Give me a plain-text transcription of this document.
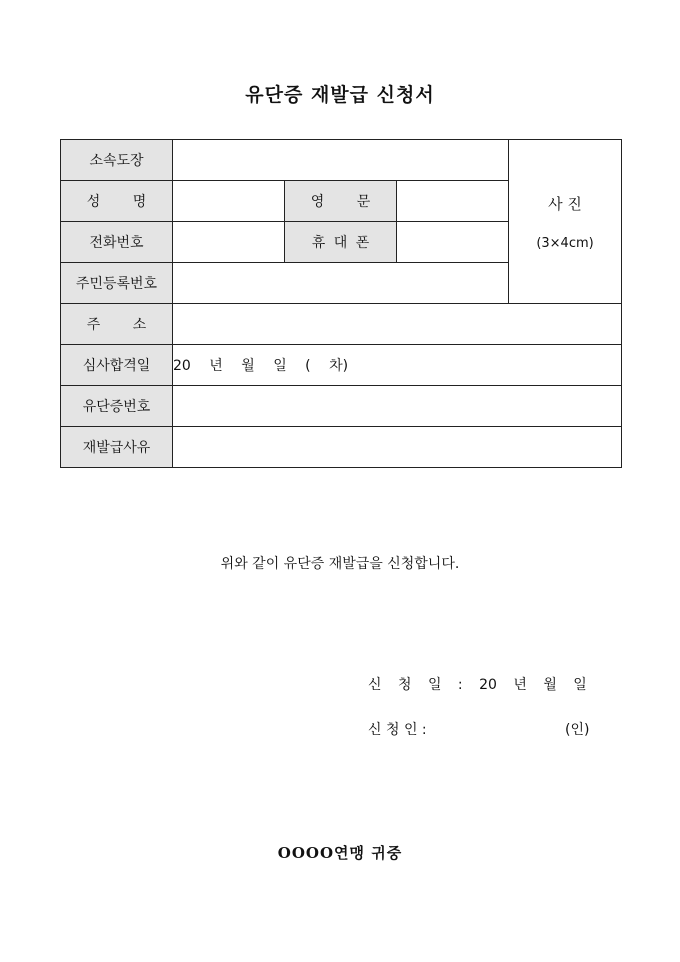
유단증 재발급 신청서
소속도장				사 진
(3×4cm)

성 명		영 문		
전화번호		휴 대 폰		
주민등록번호				
주 소				
심사합격일	20 년 월 일 ( 차)			
유단증번호				
재발급사유				
위와 같이 유단증 재발급을 신청합니다.
신 청 일 : 20 년 월 일
신 청 인 :	(인)
OOOO연맹 귀중
